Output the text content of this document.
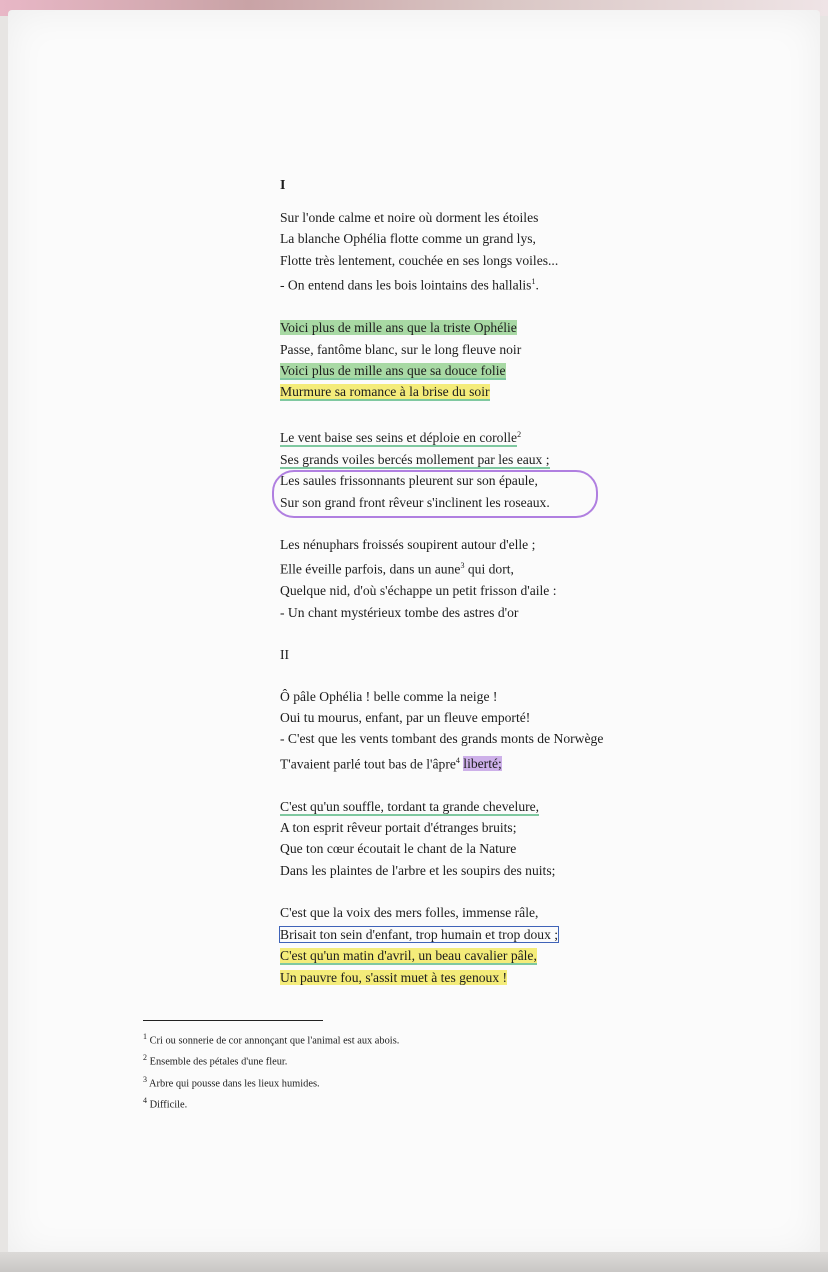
I
Sur l'onde calme et noire où dorment les étoiles
La blanche Ophélia flotte comme un grand lys,
Flotte très lentement, couchée en ses longs voiles...
- On entend dans les bois lointains des hallalis$^1$.
Voici plus de mille ans que la triste Ophélie
Passe, fantôme blanc, sur le long fleuve noir
Voici plus de mille ans que sa douce folie
Murmure sa romance à la brise du soir
Le vent baise ses seins et déploie en corolle$^2$
Ses grands voiles bercés mollement par les eaux ;
Les saules frissonnants pleurent sur son épaule,
Sur son grand front rêveur s'inclinent les roseaux.
Les nénuphars froissés soupirent autour d'elle ;
Elle éveille parfois, dans un aune$^3$ qui dort,
Quelque nid, d'où s'échappe un petit frisson d'aile :
- Un chant mystérieux tombe des astres d'or
II
Ô pâle Ophélia ! belle comme la neige !
Oui tu mourus, enfant, par un fleuve emporté!
- C'est que les vents tombant des grands monts de Norwège
T'avaient parlé tout bas de l'âpre$^4$ liberté;
C'est qu'un souffle, tordant ta grande chevelure,
A ton esprit rêveur portait d'étranges bruits;
Que ton cœur écoutait le chant de la Nature
Dans les plaintes de l'arbre et les soupirs des nuits;
C'est que la voix des mers folles, immense râle,
Brisait ton sein d'enfant, trop humain et trop doux ;
C'est qu'un matin d'avril, un beau cavalier pâle,
Un pauvre fou, s'assit muet à tes genoux !
$^1$ Cri ou sonnerie de cor annonçant que l'animal est aux abois.
$^2$ Ensemble des pétales d'une fleur.
$^3$ Arbre qui pousse dans les lieux humides.
$^4$ Difficile.
